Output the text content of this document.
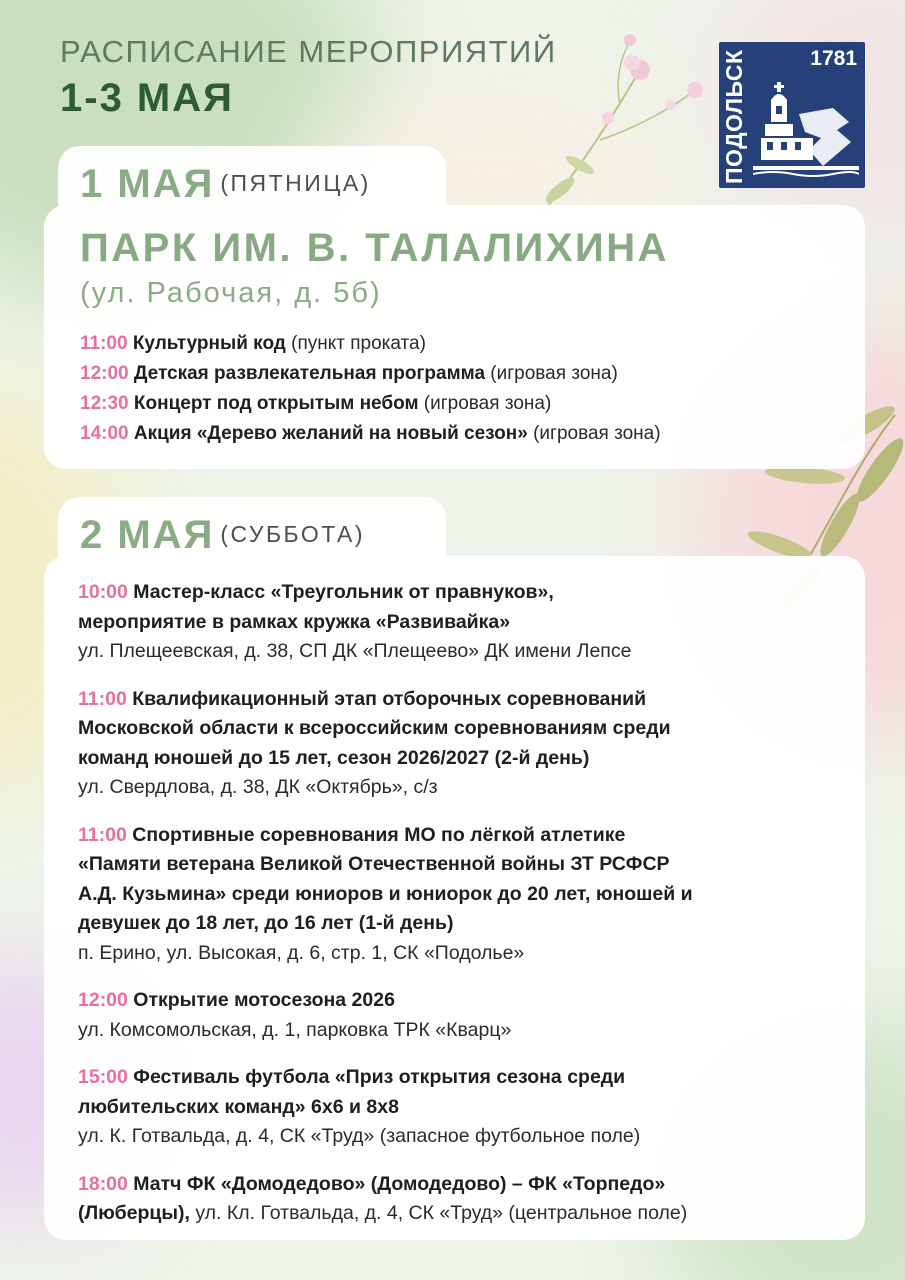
РАСПИСАНИЕ МЕРОПРИЯТИЙ
1-3 МАЯ
1781
ПОДОЛЬСК
1 МАЯ (ПЯТНИЦА)
ПАРК ИМ. В. ТАЛАЛИХИНА
(ул. Рабочая, д. 5б)
11:00 Культурный код (пункт проката)
12:00 Детская развлекательная программа (игровая зона)
12:30 Концерт под открытым небом (игровая зона)
14:00 Акция «Дерево желаний на новый сезон» (игровая зона)
2 МАЯ (СУББОТА)
10:00 Мастер-класс «Треугольник от правнуков»,
мероприятие в рамках кружка «Развивайка»
ул. Плещеевская, д. 38, СП ДК «Плещеево» ДК имени Лепсе
11:00 Квалификационный этап отборочных соревнований
Московской области к всероссийским соревнованиям среди
команд юношей до 15 лет, сезон 2026/2027 (2-й день)
ул. Свердлова, д. 38, ДК «Октябрь», с/з
11:00 Спортивные соревнования МО по лёгкой атлетике
«Памяти ветерана Великой Отечественной войны ЗТ РСФСР
А.Д. Кузьмина» среди юниоров и юниорок до 20 лет, юношей и
девушек до 18 лет, до 16 лет (1-й день)
п. Ерино, ул. Высокая, д. 6, стр. 1, СК «Подолье»
12:00 Открытие мотосезона 2026
ул. Комсомольская, д. 1, парковка ТРК «Кварц»
15:00 Фестиваль футбола «Приз открытия сезона среди
любительских команд» 6х6 и 8х8
ул. К. Готвальда, д. 4, СК «Труд» (запасное футбольное поле)
18:00 Матч ФК «Домодедово» (Домодедово) – ФК «Торпедо»
(Люберцы), ул. Кл. Готвальда, д. 4, СК «Труд» (центральное поле)
